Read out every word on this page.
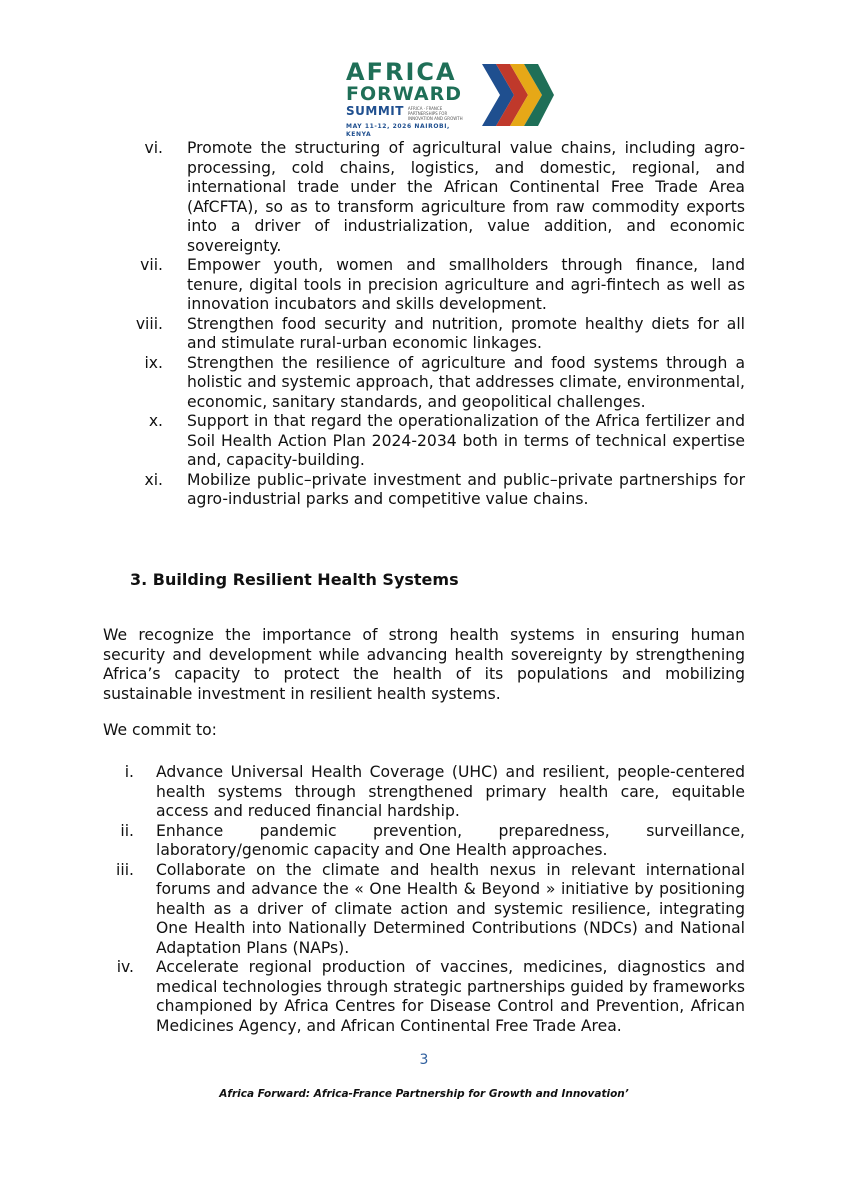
AFRICA

FORWARD

SUMMIT AFRICA · FRANCE PARTNERSHIPS FOR INNOVATION AND GROWTH
MAY 11-12, 2026 NAIROBI, KENYA
vi. Promote the structuring of agricultural value chains, including agro-processing, cold chains, logistics, and domestic, regional, and international trade under the African Continental Free Trade Area (AfCFTA), so as to transform agriculture from raw commodity exports into a driver of industrialization, value addition, and economic sovereignty.
vii. Empower youth, women and smallholders through finance, land tenure, digital tools in precision agriculture and agri-fintech as well as innovation incubators and skills development.
viii. Strengthen food security and nutrition, promote healthy diets for all and stimulate rural-urban economic linkages.
ix. Strengthen the resilience of agriculture and food systems through a holistic and systemic approach, that addresses climate, environmental, economic, sanitary standards, and geopolitical challenges.
x. Support in that regard the operationalization of the Africa fertilizer and Soil Health Action Plan 2024-2034 both in terms of technical expertise and, capacity-building.
xi. Mobilize public–private investment and public–private partnerships for agro-industrial parks and competitive value chains.
3. Building Resilient Health Systems

We recognize the importance of strong health systems in ensuring human security and development while advancing health sovereignty by strengthening Africa’s capacity to protect the health of its populations and mobilizing sustainable investment in resilient health systems.

We commit to:

i. Advance Universal Health Coverage (UHC) and resilient, people-centered health systems through strengthened primary health care, equitable access and reduced financial hardship.
ii. Enhance pandemic prevention, preparedness, surveillance, laboratory/genomic capacity and One Health approaches.
iii. Collaborate on the climate and health nexus in relevant international forums and advance the « One Health & Beyond » initiative by positioning health as a driver of climate action and systemic resilience, integrating One Health into Nationally Determined Contributions (NDCs) and National Adaptation Plans (NAPs).
iv. Accelerate regional production of vaccines, medicines, diagnostics and medical technologies through strategic partnerships guided by frameworks championed by Africa Centres for Disease Control and Prevention, African Medicines Agency, and African Continental Free Trade Area.

3

Africa Forward: Africa-France Partnership for Growth and Innovation’
